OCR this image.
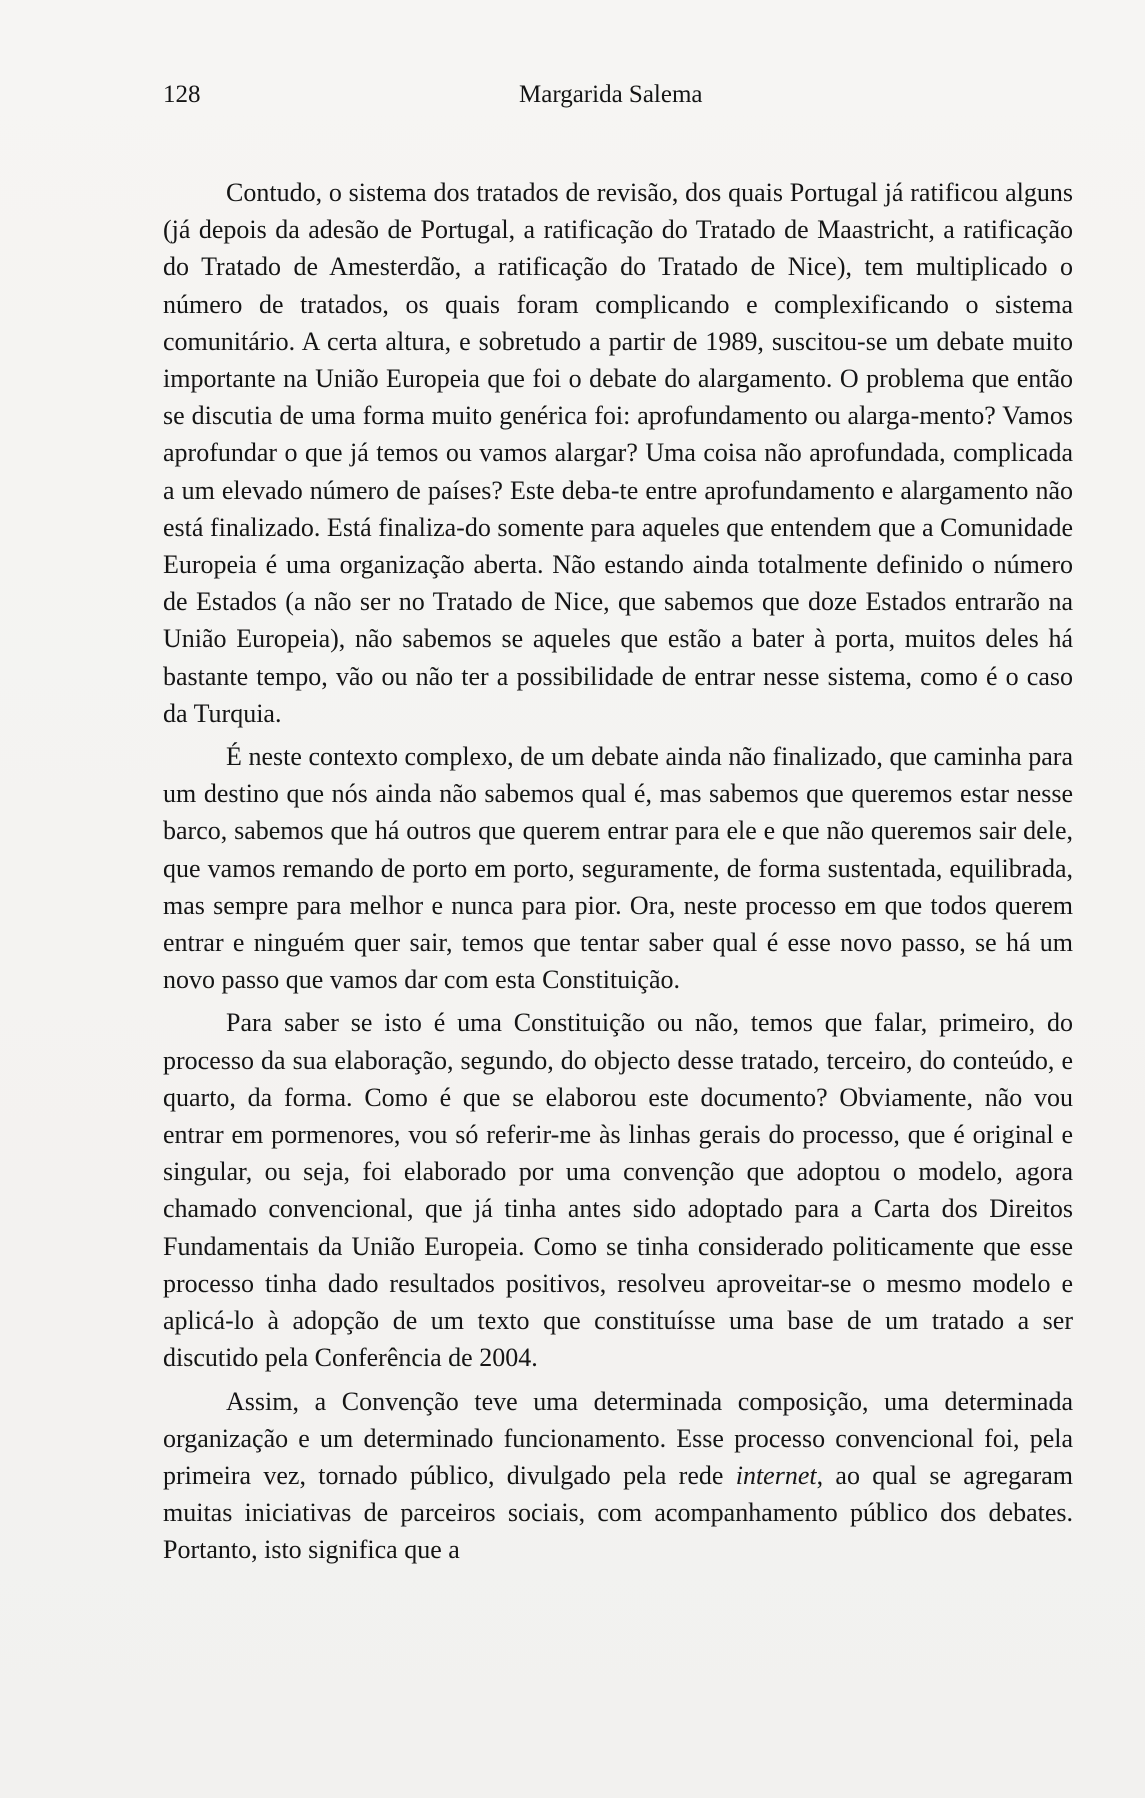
128	Margarida Salema

Contudo, o sistema dos tratados de revisão, dos quais Portugal já ratificou alguns (já depois da adesão de Portugal, a ratificação do Tratado de Maastricht, a ratificação do Tratado de Amesterdão, a ratificação do Tratado de Nice), tem multiplicado o número de tratados, os quais foram complicando e complexificando o sistema comunitário. A certa altura, e sobretudo a partir de 1989, suscitou-se um debate muito importante na União Europeia que foi o debate do alargamento. O problema que então se discutia de uma forma muito genérica foi: aprofundamento ou alarga-mento? Vamos aprofundar o que já temos ou vamos alargar? Uma coisa não aprofundada, complicada a um elevado número de países? Este deba-te entre aprofundamento e alargamento não está finalizado. Está finaliza-do somente para aqueles que entendem que a Comunidade Europeia é uma organização aberta. Não estando ainda totalmente definido o número de Estados (a não ser no Tratado de Nice, que sabemos que doze Estados entrarão na União Europeia), não sabemos se aqueles que estão a bater à porta, muitos deles há bastante tempo, vão ou não ter a possibilidade de entrar nesse sistema, como é o caso da Turquia.

É neste contexto complexo, de um debate ainda não finalizado, que caminha para um destino que nós ainda não sabemos qual é, mas sabemos que queremos estar nesse barco, sabemos que há outros que querem entrar para ele e que não queremos sair dele, que vamos remando de porto em porto, seguramente, de forma sustentada, equilibrada, mas sempre para melhor e nunca para pior. Ora, neste processo em que todos querem entrar e ninguém quer sair, temos que tentar saber qual é esse novo passo, se há um novo passo que vamos dar com esta Constituição.

Para saber se isto é uma Constituição ou não, temos que falar, primeiro, do processo da sua elaboração, segundo, do objecto desse tratado, terceiro, do conteúdo, e quarto, da forma. Como é que se elaborou este documento? Obviamente, não vou entrar em pormenores, vou só referir-me às linhas gerais do processo, que é original e singular, ou seja, foi elaborado por uma convenção que adoptou o modelo, agora chamado convencional, que já tinha antes sido adoptado para a Carta dos Direitos Fundamentais da União Europeia. Como se tinha considerado politicamente que esse processo tinha dado resultados positivos, resolveu aproveitar-se o mesmo modelo e aplicá-lo à adopção de um texto que constituísse uma base de um tratado a ser discutido pela Conferência de 2004.

Assim, a Convenção teve uma determinada composição, uma determinada organização e um determinado funcionamento. Esse processo convencional foi, pela primeira vez, tornado público, divulgado pela rede internet, ao qual se agregaram muitas iniciativas de parceiros sociais, com acompanhamento público dos debates. Portanto, isto significa que a
